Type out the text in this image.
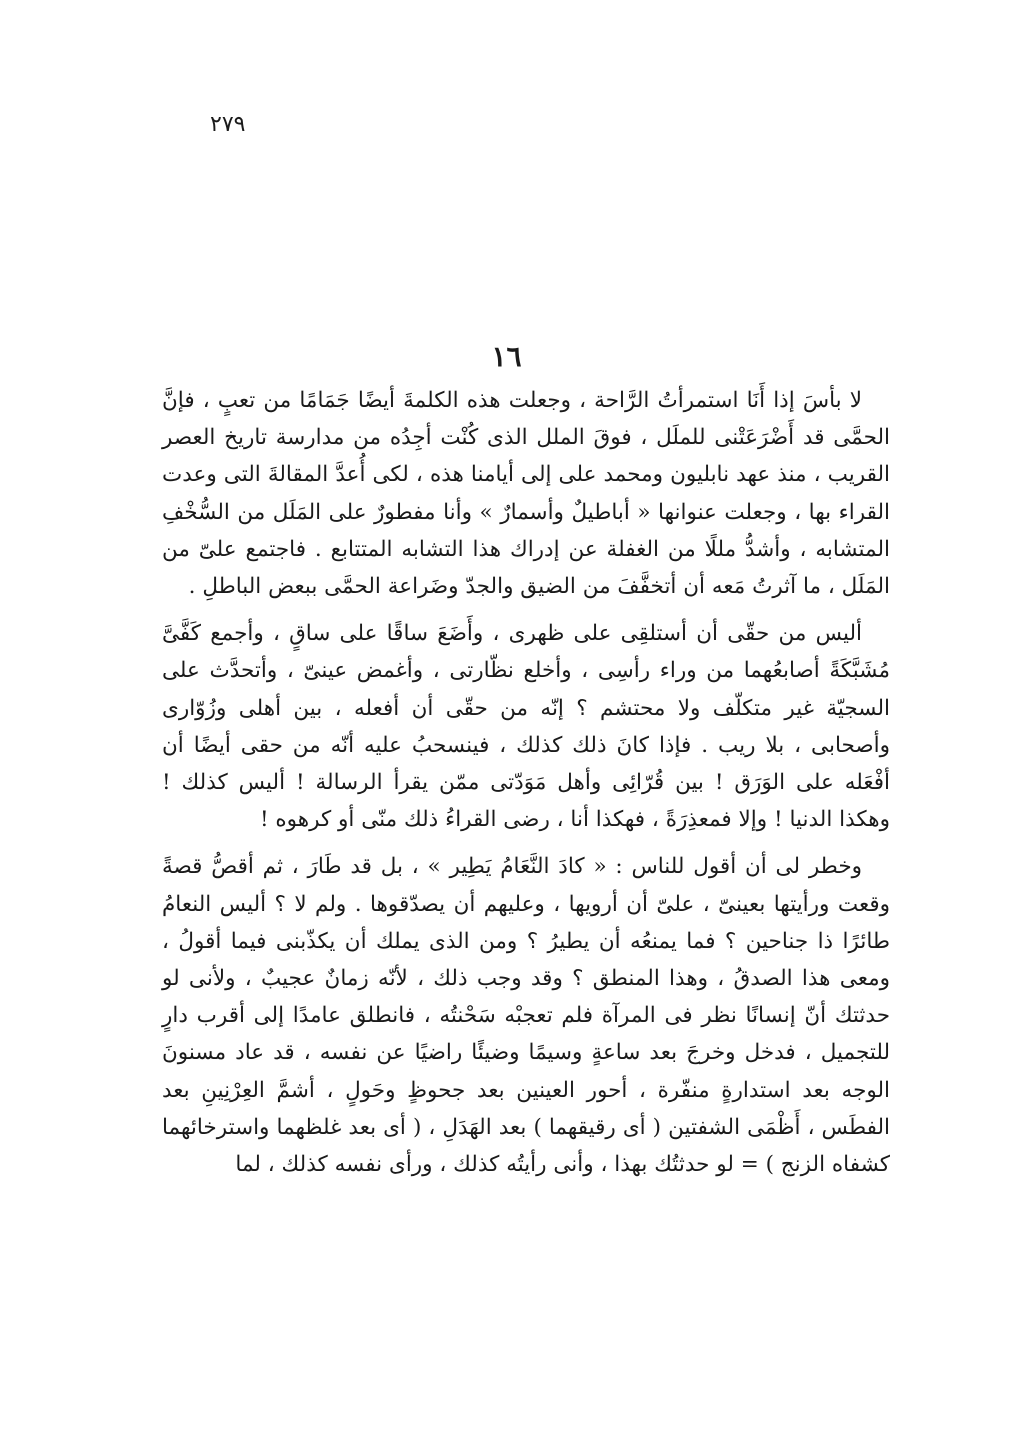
٢٧٩
١٦

لا بأسَ إذا أَنَا استمرأتُ الرَّاحة ، وجعلت هذه الكلمةَ أيضًا جَمَامًا من تعبٍ ، فإنَّ الحمَّى قد أَضْرَعَتْنى للملَل ، فوقَ الملل الذى كُنْت أجِدُه من مدارسة تاريخ العصر القريب ، منذ عهد نابليون ومحمد على إلى أيامنا هذه ، لكى أُعدَّ المقالةَ التى وعدت القراء بها ، وجعلت عنوانها « أباطيلٌ وأسمارٌ » وأنا مفطورٌ على المَلَل من السُّخْفِ المتشابه ، وأشدُّ مللًا من الغفلة عن إدراك هذا التشابه المتتابع . فاجتمع علىّ من المَلَل ، ما آثرتُ مَعه أن أتخفَّفَ من الضيق والجدّ وضَراعة الحمَّى ببعض الباطلِ .

أليس من حقّى أن أستلقِى على ظهرى ، وأَضَعَ ساقًا على ساقٍ ، وأجمع كَفَّىَّ مُشَبَّكَةً أصابعُهما من وراء رأسِى ، وأخلع نظّارتى ، وأغمض عينىّ ، وأتحدَّث على السجيّة غير متكلّف ولا محتشم ؟ إنّه من حقّى أن أفعله ، بين أهلى وزُوّارى وأصحابى ، بلا ريب . فإذا كانَ ذلك كذلك ، فينسحبُ عليه أنّه من حقى أيضًا أن أفْعَله على الوَرَق ! بين قُرّائِى وأهل مَوَدّتى ممّن يقرأ الرسالة ! أليس كذلك ! وهكذا الدنيا ! وإلا فمعذِرَةً ، فهكذا أنا ، رضى القراءُ ذلك منّى أو كرهوه !

وخطر لى أن أقول للناس : « كادَ النَّعَامُ يَطِير » ، بل قد طَارَ ، ثم أقصُّ قصةً وقعت ورأيتها بعينىّ ، علىّ أن أرويها ، وعليهم أن يصدّقوها . ولم لا ؟ أليس النعامُ طائرًا ذا جناحين ؟ فما يمنعُه أن يطيرُ ؟ ومن الذى يملك أن يكذّبنى فيما أقولُ ، ومعى هذا الصدقُ ، وهذا المنطق ؟ وقد وجب ذلك ، لأنّه زمانٌ عجيبٌ ، ولأنى لو حدثتك أنّ إنسانًا نظر فى المرآة فلم تعجبْه سَحْنتُه ، فانطلق عامدًا إلى أقرب دارٍ للتجميل ، فدخل وخرجَ بعد ساعةٍ وسيمًا وضيئًا راضيًا عن نفسه ، قد عاد مسنونَ الوجه بعد استدارةٍ منفّرة ، أحور العينين بعد جحوظٍ وحَولٍ ، أشمَّ العِرْنِينِ بعد الفطَس ، أَظْمَى الشفتين ( أى رقيقهما ) بعد الهَدَلِ ، ( أى بعد غلظهما واسترخائهما كشفاه الزنج ) = لو حدثتُك بهذا ، وأنى رأيتُه كذلك ، ورأى نفسه كذلك ، لما
